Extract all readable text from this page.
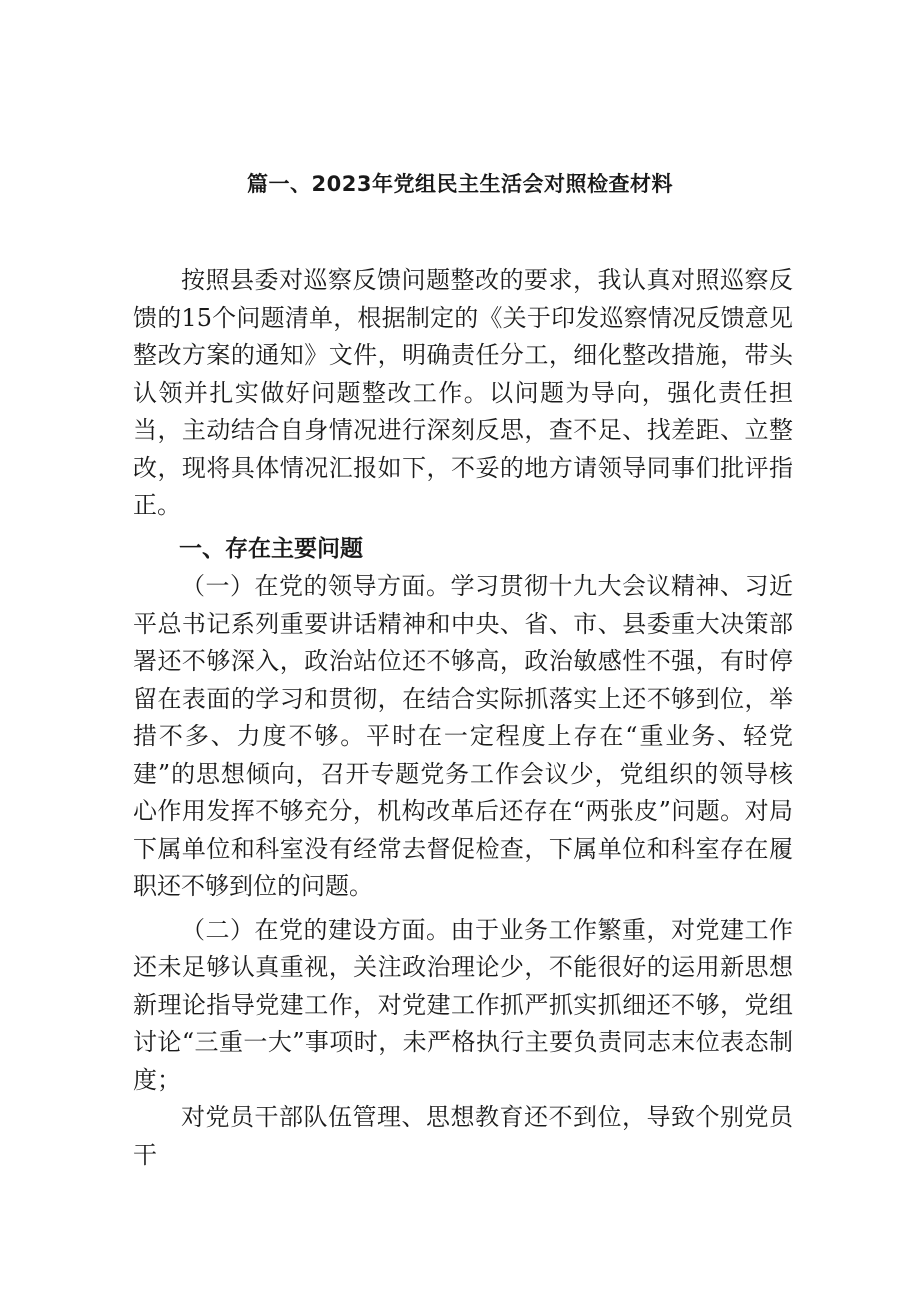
篇一、2023年党组民主生活会对照检查材料

按照县委对巡察反馈问题整改的要求，我认真对照巡察反馈的15个问题清单，根据制定的《关于印发巡察情况反馈意见整改方案的通知》文件，明确责任分工，细化整改措施，带头认领并扎实做好问题整改工作。以问题为导向，强化责任担当，主动结合自身情况进行深刻反思，查不足、找差距、立整改，现将具体情况汇报如下，不妥的地方请领导同事们批评指正。

一、存在主要问题

（一）在党的领导方面。学习贯彻十九大会议精神、习近平总书记系列重要讲话精神和中央、省、市、县委重大决策部署还不够深入，政治站位还不够高，政治敏感性不强，有时停留在表面的学习和贯彻，在结合实际抓落实上还不够到位，举措不多、力度不够。平时在一定程度上存在“重业务、轻党建”的思想倾向，召开专题党务工作会议少，党组织的领导核心作用发挥不够充分，机构改革后还存在“两张皮”问题。对局下属单位和科室没有经常去督促检查，下属单位和科室存在履职还不够到位的问题。

（二）在党的建设方面。由于业务工作繁重，对党建工作还未足够认真重视，关注政治理论少，不能很好的运用新思想新理论指导党建工作，对党建工作抓严抓实抓细还不够，党组讨论“三重一大”事项时，未严格执行主要负责同志末位表态制度；

对党员干部队伍管理、思想教育还不到位，导致个别党员干
